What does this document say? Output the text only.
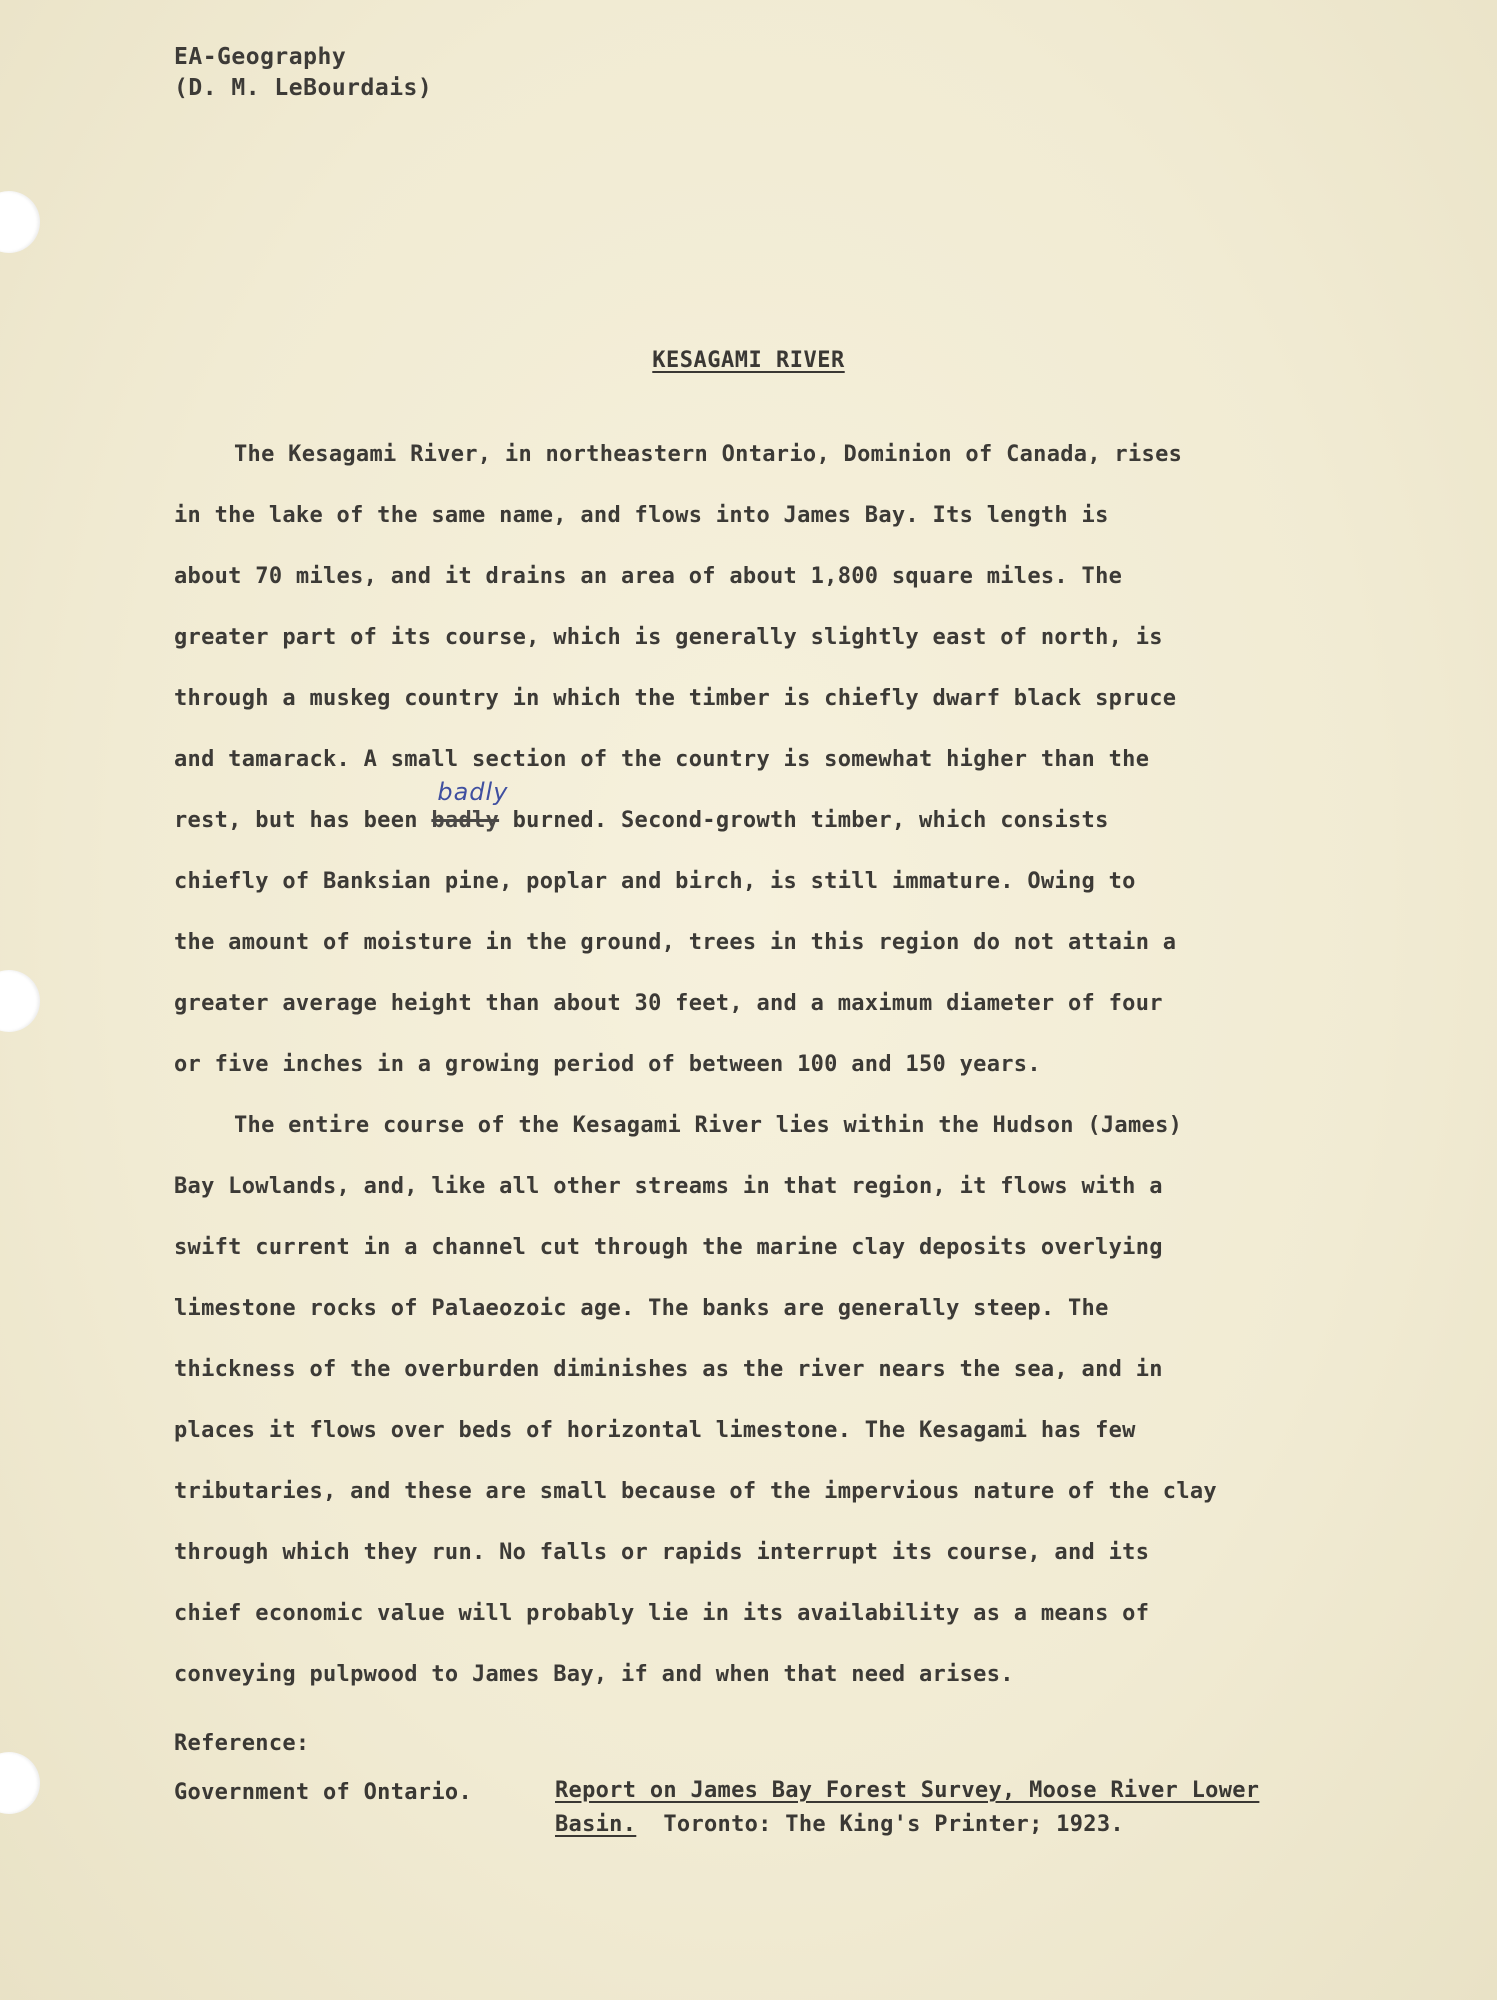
EA-Geography
(D. M. LeBourdais)
KESAGAMI RIVER
The Kesagami River, in northeastern Ontario, Dominion of Canada, rises
in the lake of the same name, and flows into James Bay. Its length is
about 70 miles, and it drains an area of about 1,800 square miles. The
greater part of its course, which is generally slightly east of north, is
through a muskeg country in which the timber is chiefly dwarf black spruce
and tamarack. A small section of the country is somewhat higher than the
rest, but has been badly
badly
burned. Second-growth timber, which consists
chiefly of Banksian pine, poplar and birch, is still immature. Owing to
the amount of moisture in the ground, trees in this region do not attain a
greater average height than about 30 feet, and a maximum diameter of four
or five inches in a growing period of between 100 and 150 years.
The entire course of the Kesagami River lies within the Hudson (James)
Bay Lowlands, and, like all other streams in that region, it flows with a
swift current in a channel cut through the marine clay deposits overlying
limestone rocks of Palaeozoic age. The banks are generally steep. The
thickness of the overburden diminishes as the river nears the sea, and in
places it flows over beds of horizontal limestone. The Kesagami has few
tributaries, and these are small because of the impervious nature of the clay
through which they run. No falls or rapids interrupt its course, and its
chief economic value will probably lie in its availability as a means of
conveying pulpwood to James Bay, if and when that need arises.
Reference:
Government of Ontario.	Report on James Bay Forest Survey, Moose River Lower
Basin.  Toronto: The King's Printer; 1923.
